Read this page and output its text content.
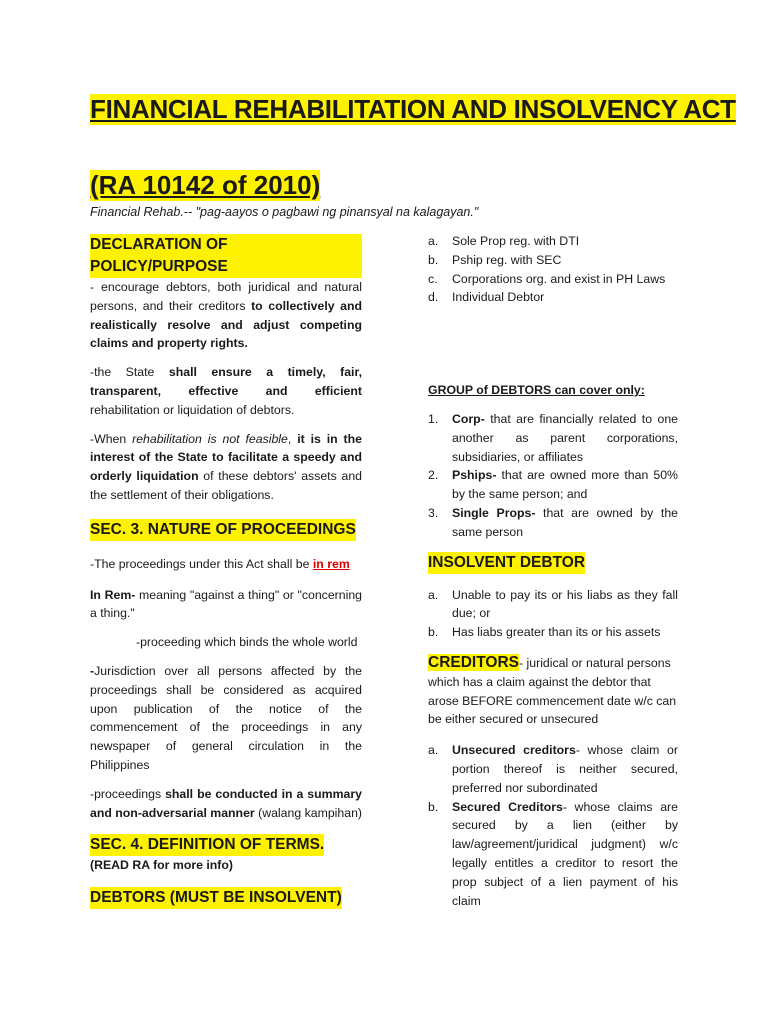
FINANCIAL REHABILITATION AND INSOLVENCY ACT
(RA 10142 of 2010)

Financial Rehab.-- "pag-aayos o pagbawi ng pinansyal na kalagayan."

DECLARATION OF POLICY/PURPOSE

- encourage debtors, both juridical and natural persons, and their creditors to collectively and realistically resolve and adjust competing claims and property rights.

-the State shall ensure a timely, fair, transparent, effective and efficient rehabilitation or liquidation of debtors.

-When rehabilitation is not feasible, it is in the interest of the State to facilitate a speedy and orderly liquidation of these debtors' assets and the settlement of their obligations.

SEC. 3. NATURE OF PROCEEDINGS

-The proceedings under this Act shall be in rem

In Rem- meaning "against a thing" or "concerning a thing."

-proceeding which binds the whole world

-Jurisdiction over all persons affected by the proceedings shall be considered as acquired upon publication of the notice of the commencement of the proceedings in any newspaper of general circulation in the Philippines

-proceedings shall be conducted in a summary and non-adversarial manner (walang kampihan)

SEC. 4. DEFINITION OF TERMS. (READ RA for more info)

DEBTORS (MUST BE INSOLVENT)
a. Sole Prop reg. with DTI
b. Pship reg. with SEC
c. Corporations org. and exist in PH Laws
d. Individual Debtor

GROUP of DEBTORS can cover only:

1. Corp- that are financially related to one another as parent corporations, subsidiaries, or affiliates
2. Pships- that are owned more than 50% by the same person; and
3. Single Props- that are owned by the same person
INSOLVENT DEBTOR
a. Unable to pay its or his liabs as they fall due; or
b. Has liabs greater than its or his assets

CREDITORS- juridical or natural persons which has a claim against the debtor that arose BEFORE commencement date w/c can be either secured or unsecured

a. Unsecured creditors- whose claim or portion thereof is neither secured, preferred nor subordinated
b. Secured Creditors- whose claims are secured by a lien (either by law/agreement/juridical judgment) w/c legally entitles a creditor to resort the prop subject of a lien payment of his claim
